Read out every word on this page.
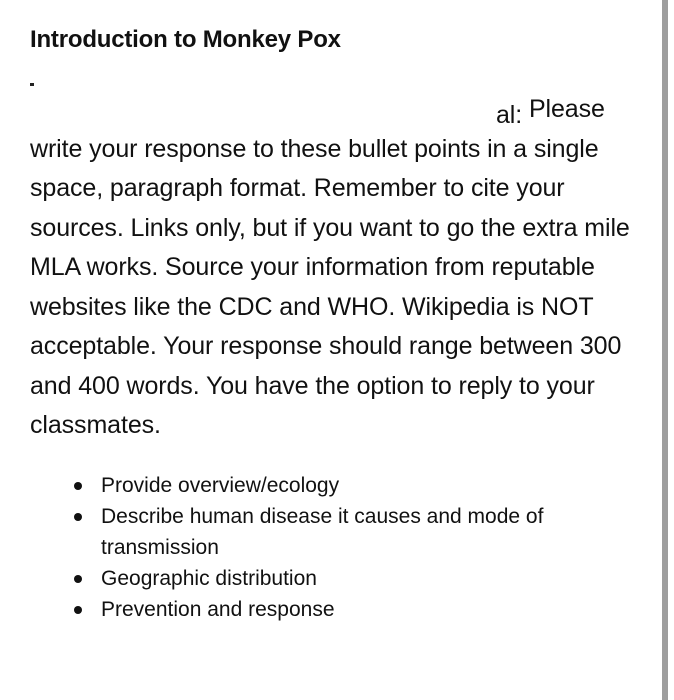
Introduction to Monkey Pox
al: Please
write your response to these bullet points in a single space, paragraph format. Remember to cite your sources. Links only, but if you want to go the extra mile MLA works. Source your information from reputable websites like the CDC and WHO. Wikipedia is NOT acceptable. Your response should range between 300 and 400 words. You have the option to reply to your classmates.
Provide overview/ecology
Describe human disease it causes and mode of transmission
Geographic distribution
Prevention and response
